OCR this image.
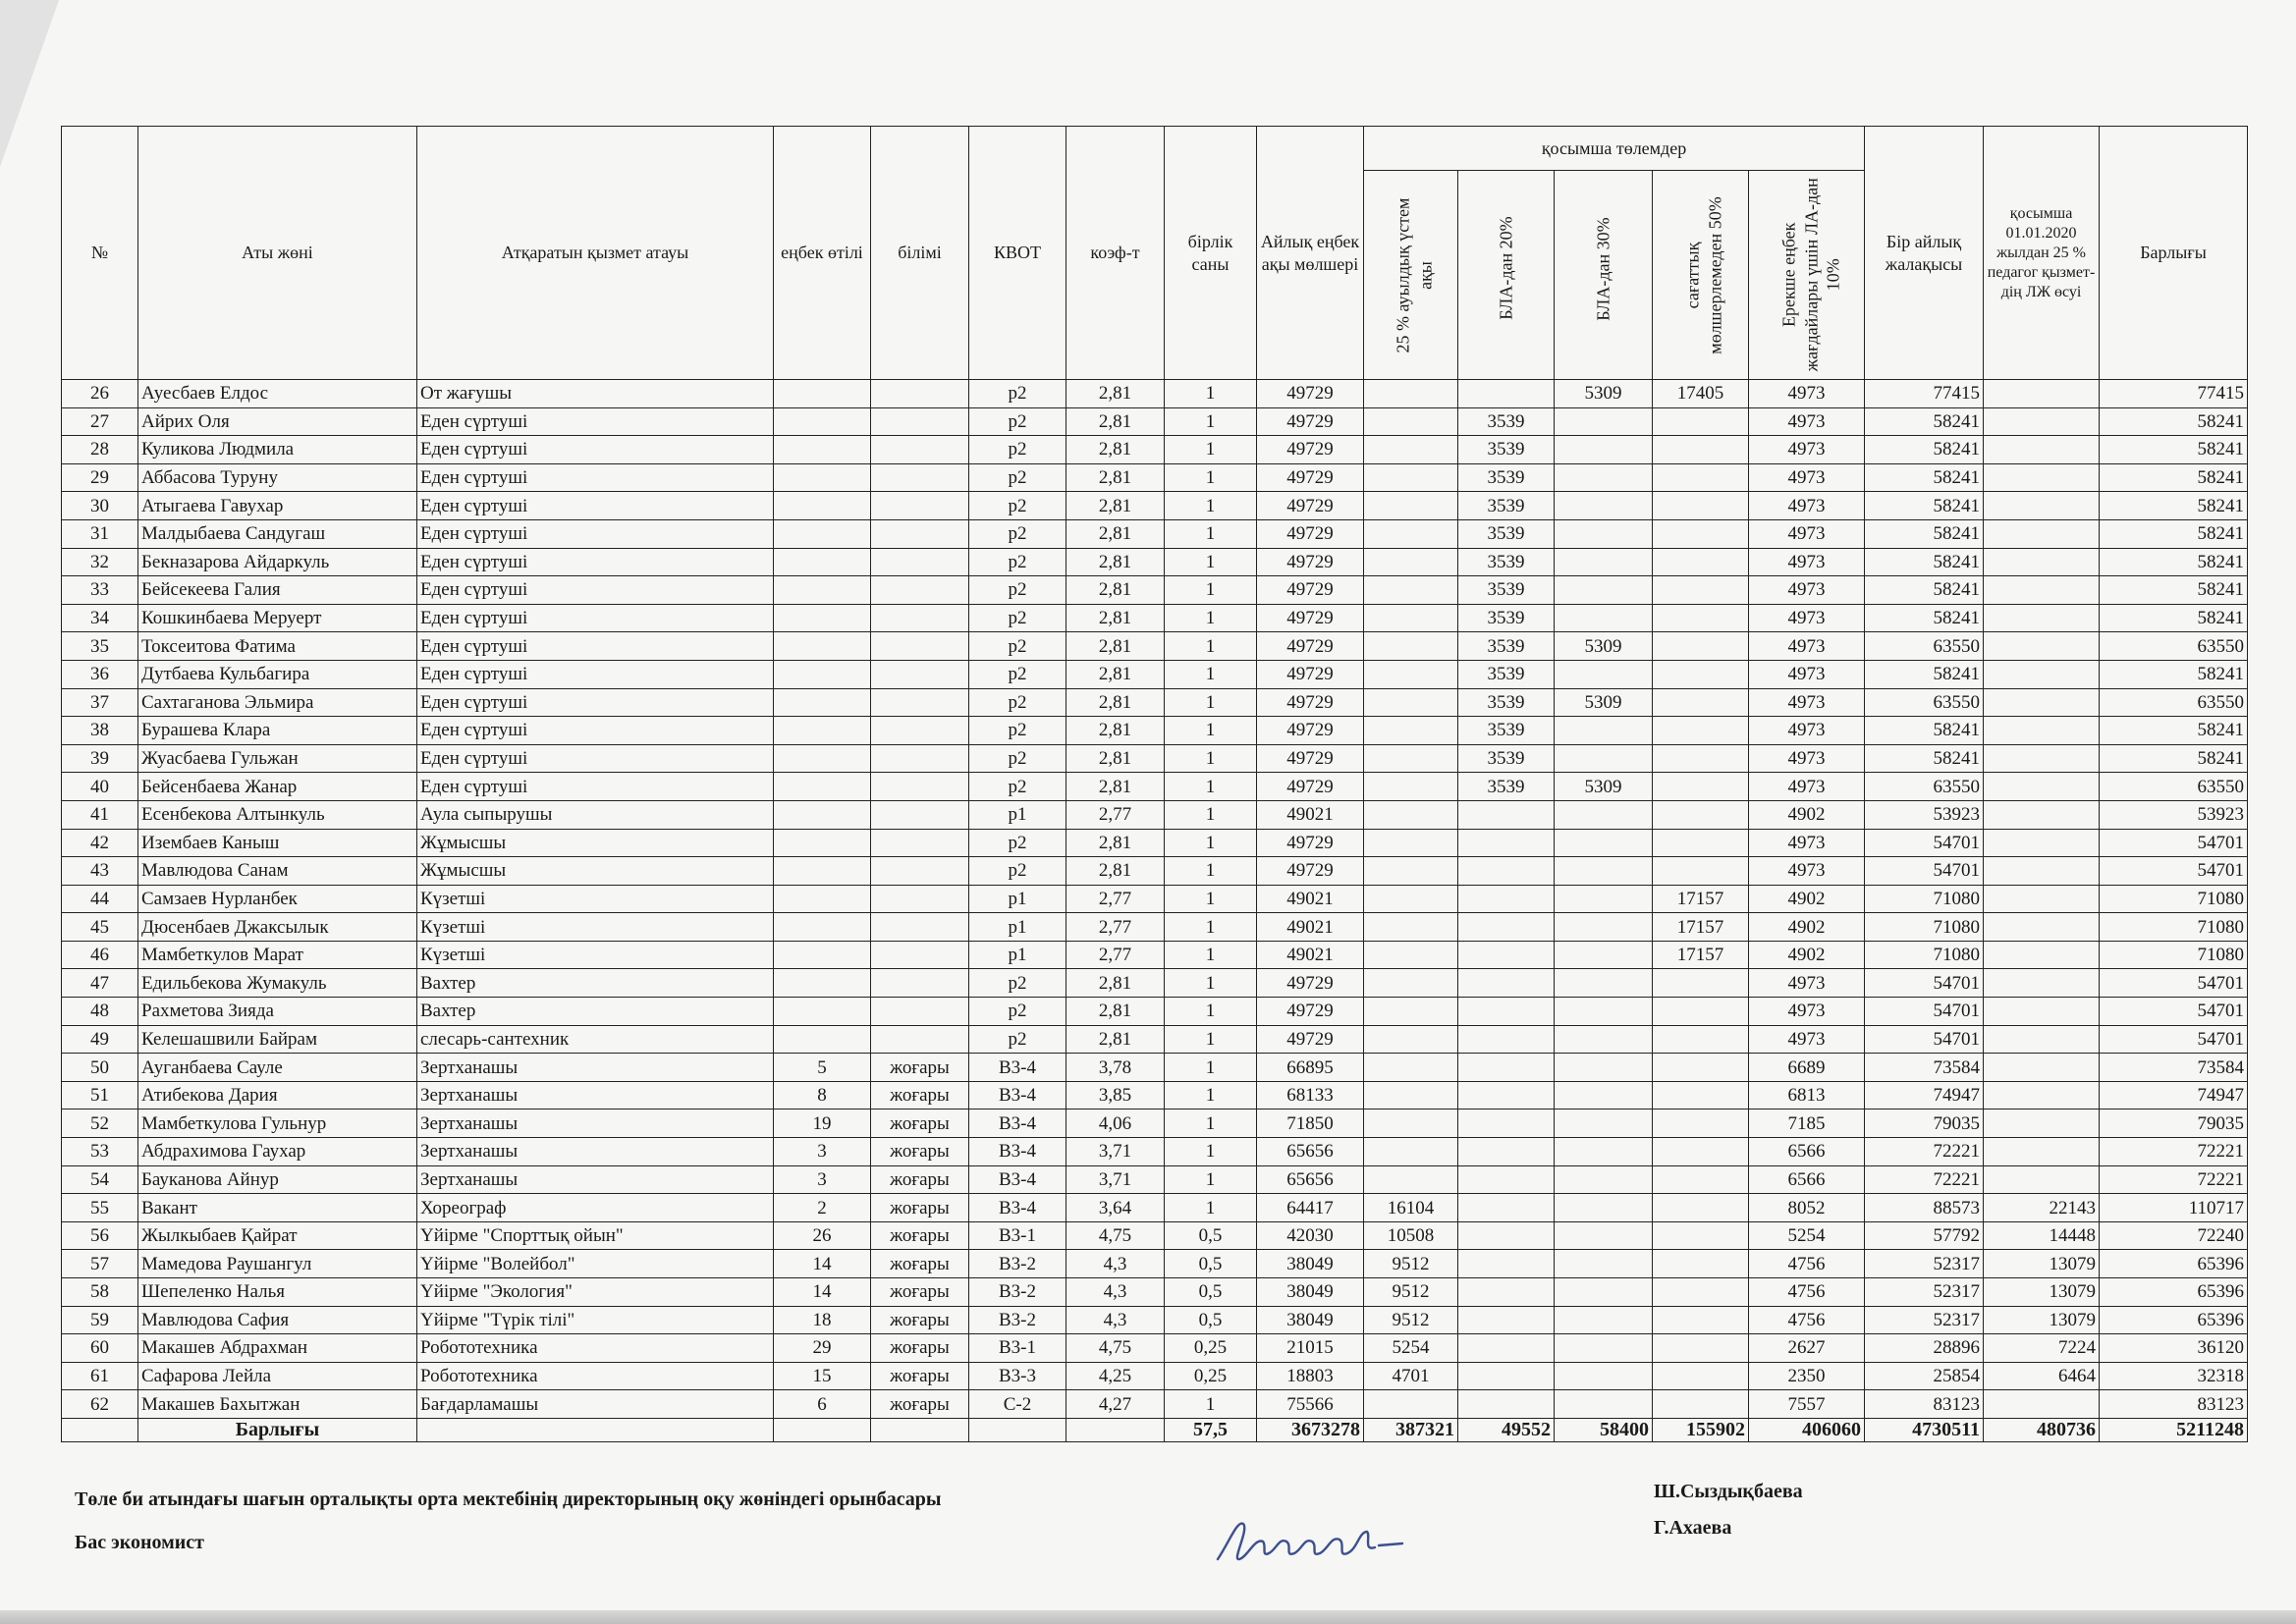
№	Аты жөні	Атқаратын қызмет атауы	еңбек өтілі	білімі	КВОТ	коэф-т	бірлік саны	Айлық еңбек ақы мөлшері	қосымша төлемдер					Бір айлық жалақысы	қосымша 01.01.2020 жылдан 25 % педагог қызмет-дің ЛЖ өсуі	Барлығы

									25 % ауылдық үстем ақы	БЛА-дан 20%	БЛА-дан 30%	сағаттық мөлшерлемеден 50%	Ерекше еңбек жағдайлары үшін ЛА-дан 10%			

26	Ауесбаев Елдос	От жағушы			р2	2,81	1	49729			5309	17405	4973	77415		77415
27	Айрих Оля	Еден сүртуші			р2	2,81	1	49729		3539			4973	58241		58241
28	Куликова Людмила	Еден сүртуші			р2	2,81	1	49729		3539			4973	58241		58241
29	Аббасова Туруну	Еден сүртуші			р2	2,81	1	49729		3539			4973	58241		58241
30	Атыгаева Гавухар	Еден сүртуші			р2	2,81	1	49729		3539			4973	58241		58241
31	Малдыбаева Сандугаш	Еден сүртуші			р2	2,81	1	49729		3539			4973	58241		58241
32	Бекназарова Айдаркуль	Еден сүртуші			р2	2,81	1	49729		3539			4973	58241		58241
33	Бейсекеева Галия	Еден сүртуші			р2	2,81	1	49729		3539			4973	58241		58241
34	Кошкинбаева Меруерт	Еден сүртуші			р2	2,81	1	49729		3539			4973	58241		58241
35	Токсеитова Фатима	Еден сүртуші			р2	2,81	1	49729		3539	5309		4973	63550		63550
36	Дутбаева Кульбагира	Еден сүртуші			р2	2,81	1	49729		3539			4973	58241		58241
37	Сахтаганова Эльмира	Еден сүртуші			р2	2,81	1	49729		3539	5309		4973	63550		63550
38	Бурашева Клара	Еден сүртуші			р2	2,81	1	49729		3539			4973	58241		58241
39	Жуасбаева Гульжан	Еден сүртуші			р2	2,81	1	49729		3539			4973	58241		58241
40	Бейсенбаева Жанар	Еден сүртуші			р2	2,81	1	49729		3539	5309		4973	63550		63550
41	Есенбекова Алтынкуль	Аула сыпырушы			р1	2,77	1	49021					4902	53923		53923
42	Изембаев Каныш	Жұмысшы			р2	2,81	1	49729					4973	54701		54701
43	Мавлюдова Санам	Жұмысшы			р2	2,81	1	49729					4973	54701		54701
44	Самзаев Нурланбек	Күзетші			р1	2,77	1	49021				17157	4902	71080		71080
45	Дюсенбаев Джаксылык	Күзетші			р1	2,77	1	49021				17157	4902	71080		71080
46	Мамбеткулов Марат	Күзетші			р1	2,77	1	49021				17157	4902	71080		71080
47	Едильбекова Жумакуль	Вахтер			р2	2,81	1	49729					4973	54701		54701
48	Рахметова Зияда	Вахтер			р2	2,81	1	49729					4973	54701		54701
49	Келешашвили Байрам	слесарь-сантехник			р2	2,81	1	49729					4973	54701		54701
50	Ауганбаева Сауле	Зертханашы	5	жоғары	В3-4	3,78	1	66895					6689	73584		73584
51	Атибекова Дария	Зертханашы	8	жоғары	В3-4	3,85	1	68133					6813	74947		74947
52	Мамбеткулова Гульнур	Зертханашы	19	жоғары	В3-4	4,06	1	71850					7185	79035		79035
53	Абдрахимова Гаухар	Зертханашы	3	жоғары	В3-4	3,71	1	65656					6566	72221		72221
54	Бауканова Айнур	Зертханашы	3	жоғары	В3-4	3,71	1	65656					6566	72221		72221
55	Вакант	Хореограф	2	жоғары	В3-4	3,64	1	64417	16104				8052	88573	22143	110717
56	Жылкыбаев Қайрат	Үйірме "Спорттық ойын"	26	жоғары	В3-1	4,75	0,5	42030	10508				5254	57792	14448	72240
57	Мамедова Раушангул	Үйірме "Волейбол"	14	жоғары	В3-2	4,3	0,5	38049	9512				4756	52317	13079	65396
58	Шепеленко Налья	Үйірме "Экология"	14	жоғары	В3-2	4,3	0,5	38049	9512				4756	52317	13079	65396
59	Мавлюдова Сафия	Үйірме "Түрік тілі"	18	жоғары	В3-2	4,3	0,5	38049	9512				4756	52317	13079	65396
60	Макашев Абдрахман	Робототехника	29	жоғары	В3-1	4,75	0,25	21015	5254				2627	28896	7224	36120
61	Сафарова Лейла	Робототехника	15	жоғары	В3-3	4,25	0,25	18803	4701				2350	25854	6464	32318
62	Макашев Бахытжан	Бағдарламашы	6	жоғары	С-2	4,27	1	75566					7557	83123		83123
	Барлығы						57,5	3673278	387321	49552	58400	155902	406060	4730511	480736	5211248
Төле би атындағы шағын орталықты орта мектебінің директорының оқу жөніндегі орынбасары	Ш.Сыздықбаева
Бас экономист
Г.Ахаева
